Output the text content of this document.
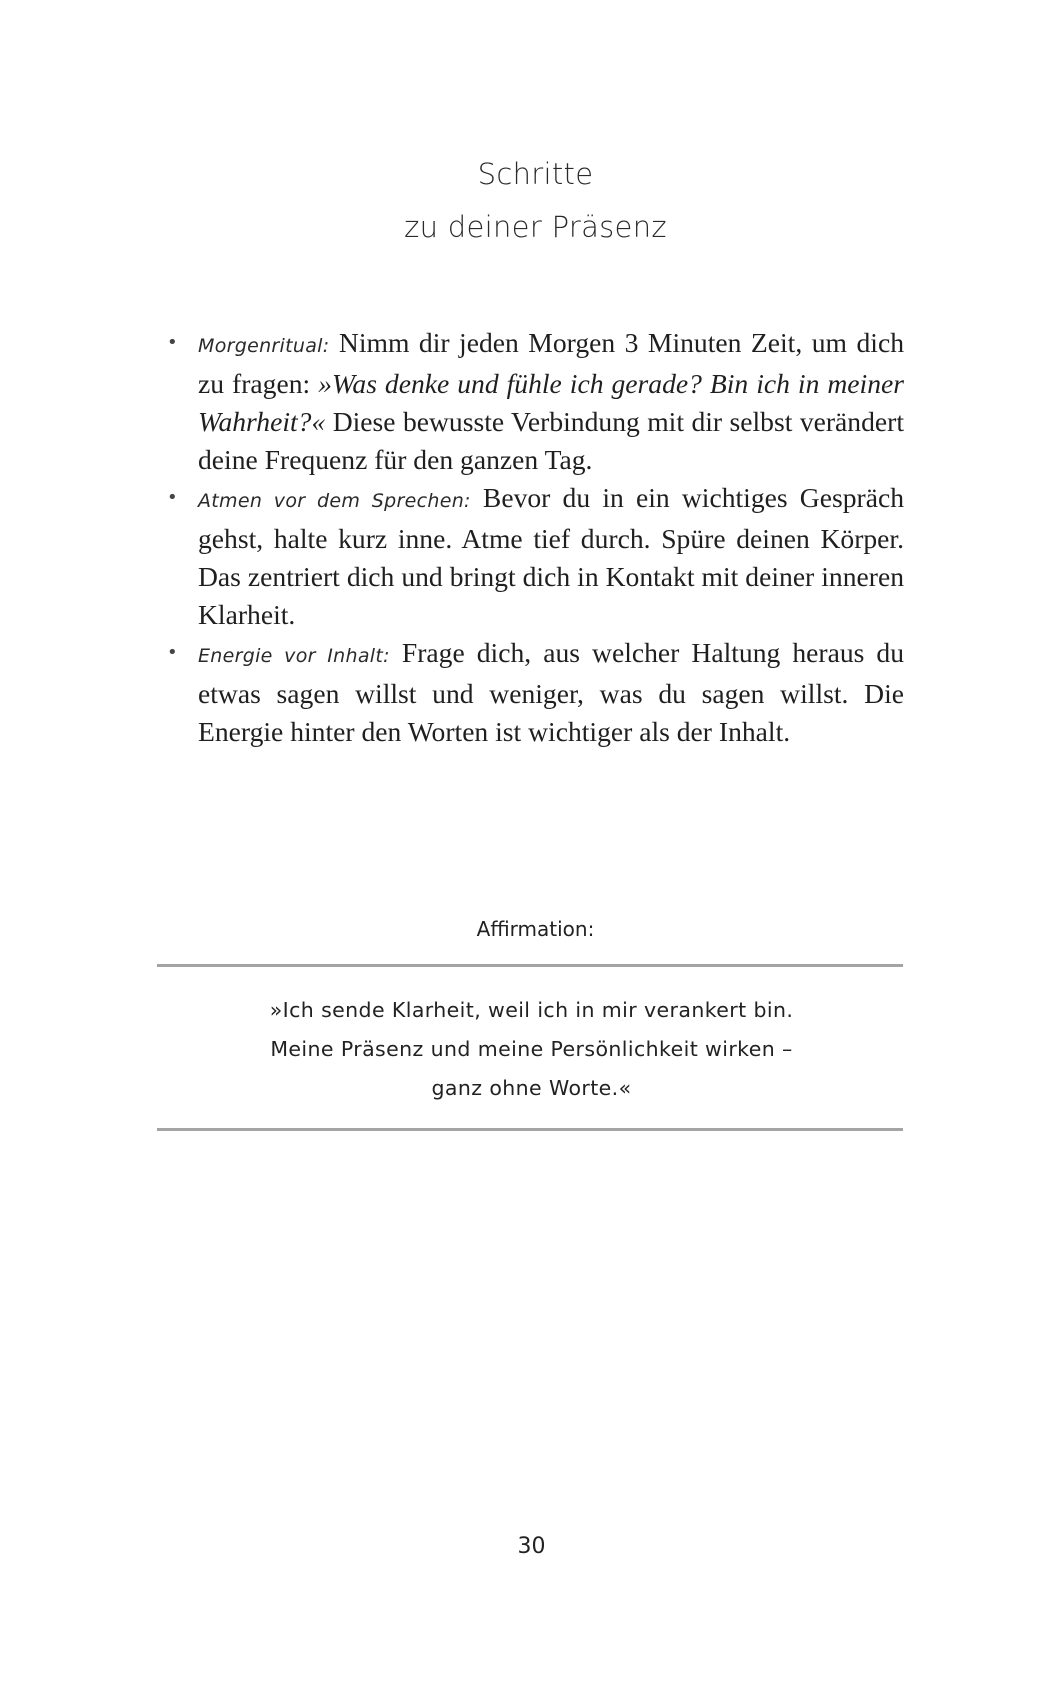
Schritte
zu deiner Präsenz
• Morgenritual: Nimm dir jeden Morgen 3 Minuten Zeit, um dich zu fragen: »Was denke und fühle ich gerade? Bin ich in meiner Wahrheit?« Diese bewusste Verbindung mit dir selbst verändert deine Frequenz für den ganzen Tag.
• Atmen vor dem Sprechen: Bevor du in ein wichtiges Gespräch gehst, halte kurz inne. Atme tief durch. Spüre deinen Körper. Das zentriert dich und bringt dich in Kontakt mit deiner inneren Klarheit.
• Energie vor Inhalt: Frage dich, aus welcher Haltung heraus du etwas sagen willst und weniger, was du sagen willst. Die Energie hinter den Worten ist wichtiger als der Inhalt.
Affirmation:
»Ich sende Klarheit, weil ich in mir verankert bin.
Meine Präsenz und meine Persönlichkeit wirken –
ganz ohne Worte.«
30
